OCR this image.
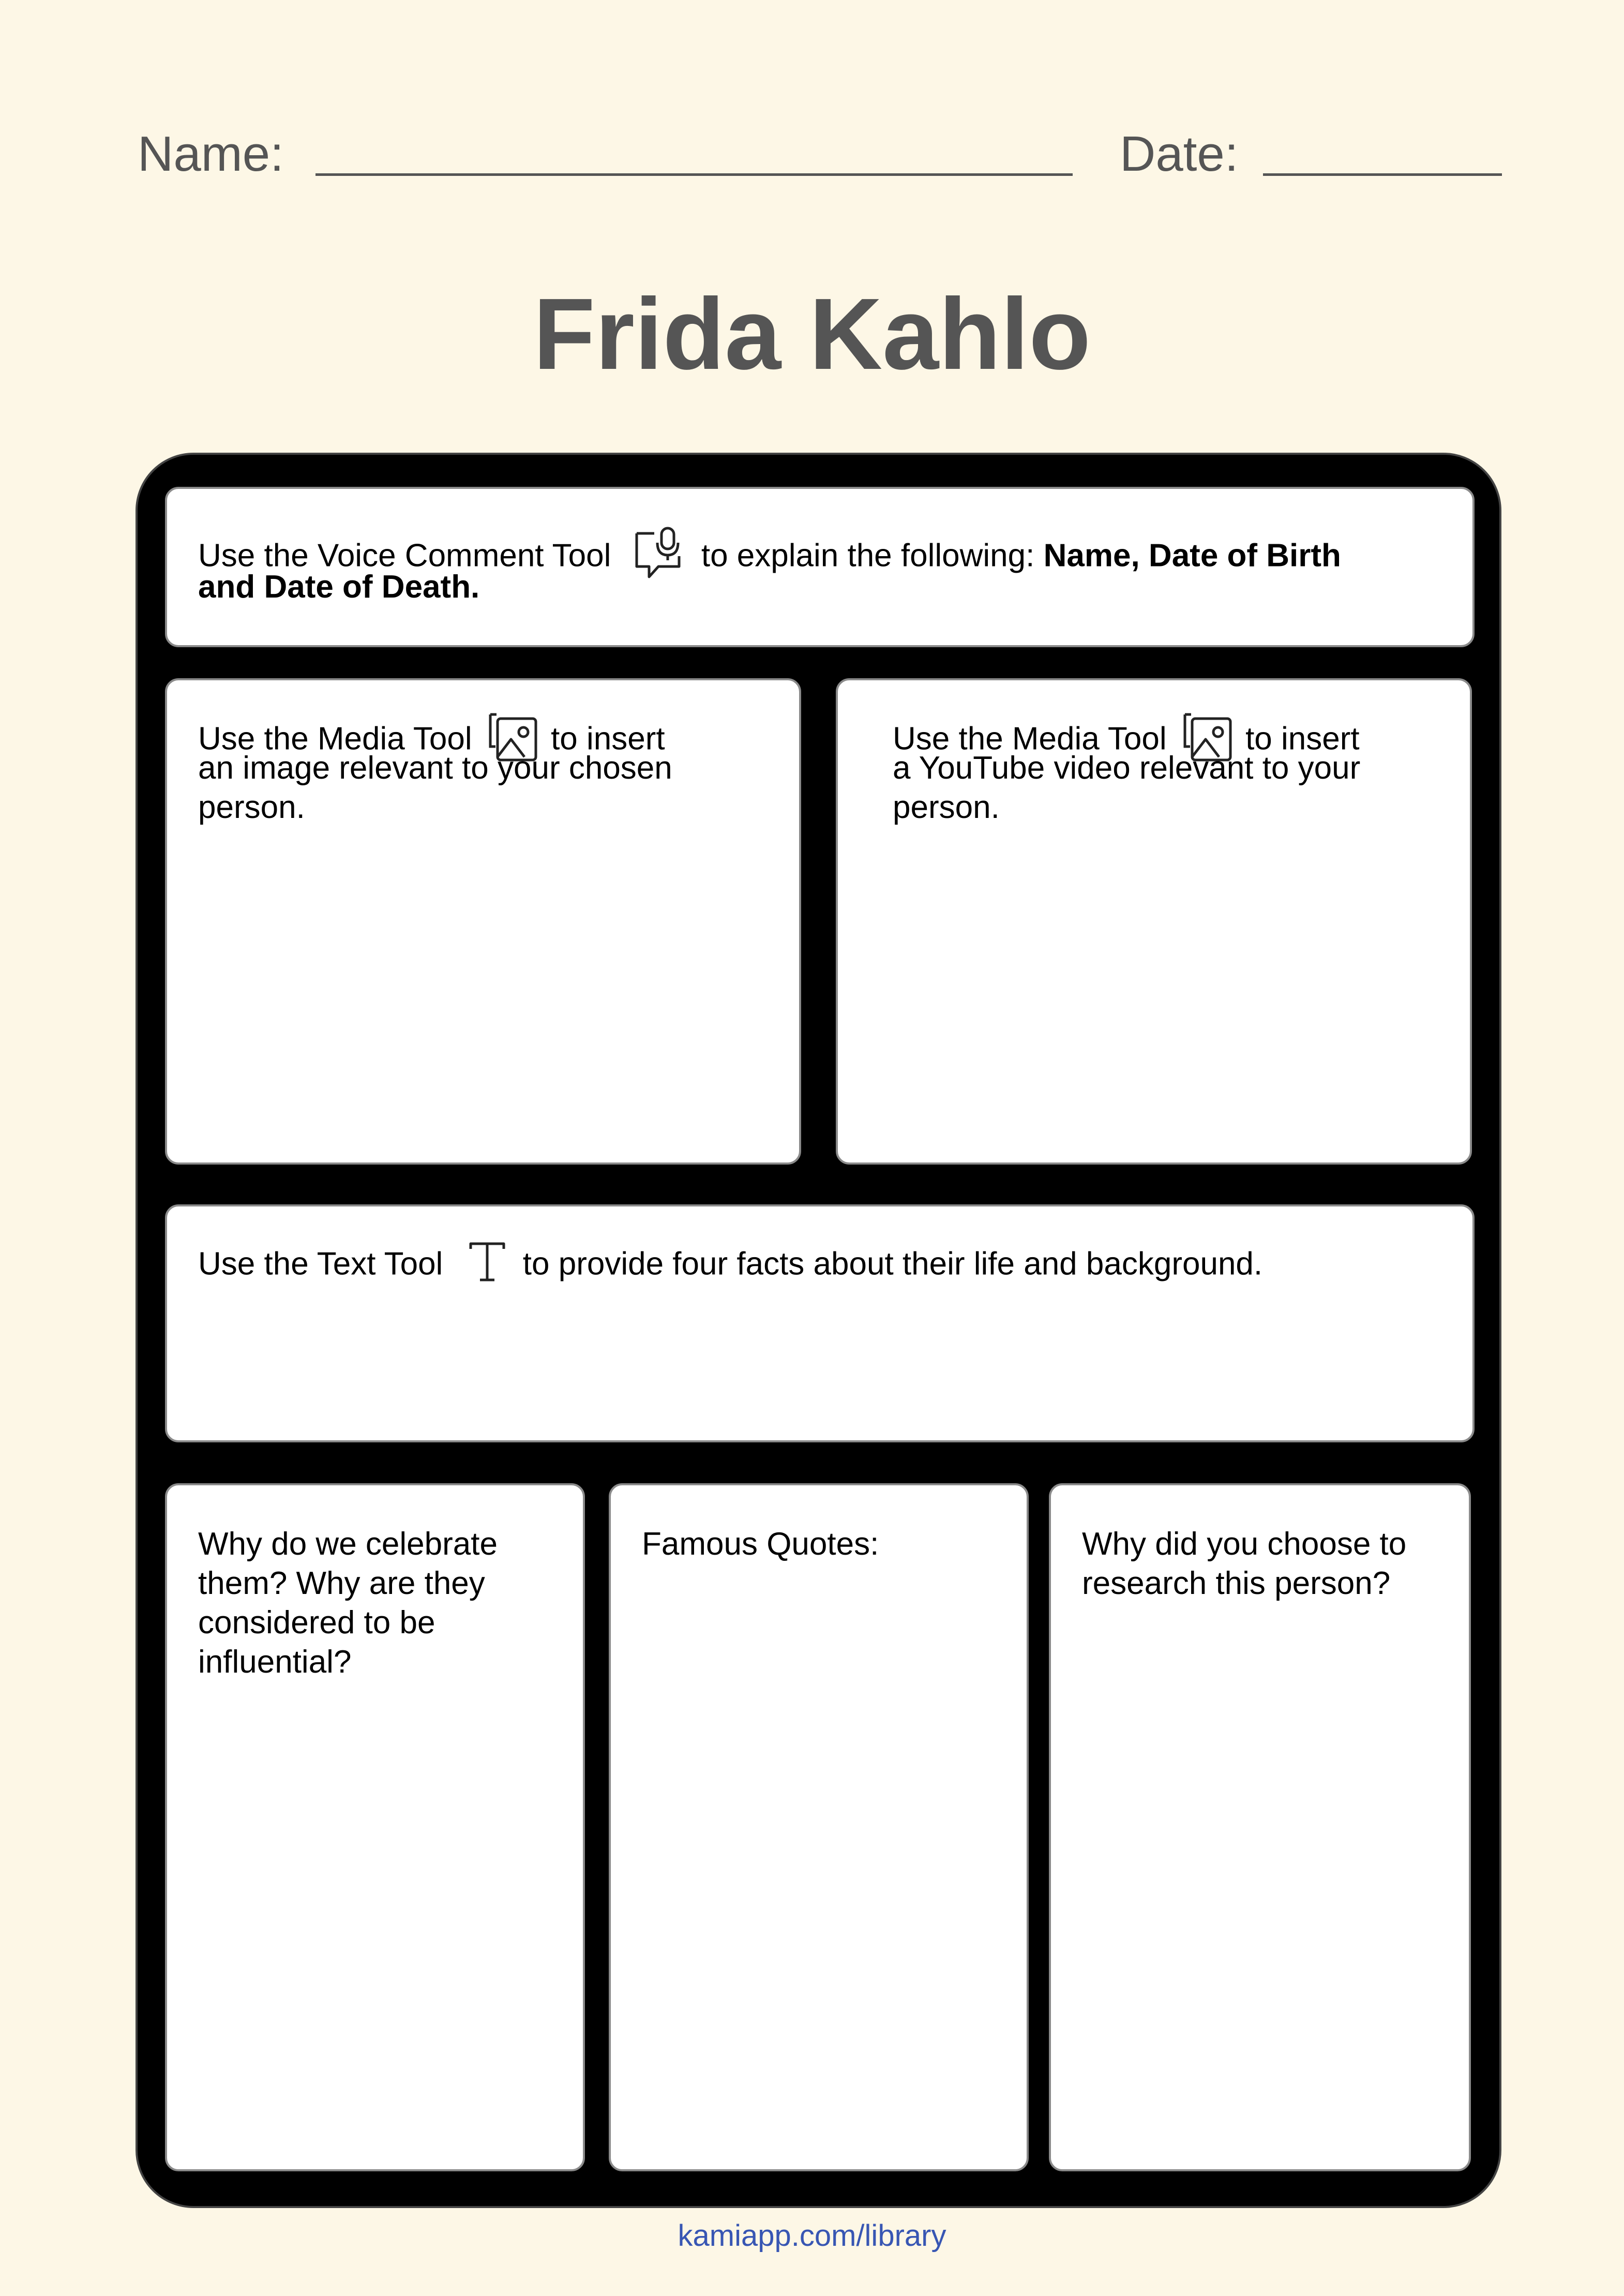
Name:	Date:
Frida Kahlo
Use the Voice Comment Tool	to explain the following: Name, Date of Birth
and Date of Death.
Use the Media Tool to insert
an image relevant to your chosen
person.
Use the Media Tool to insert
a YouTube video relevant to your
person.
Use the Text Tool to provide four facts about their life and background.
Why do we celebrate
them? Why are they
considered to be
influential?
Famous Quotes:	Why did you choose to
research this person?
kamiapp.com/library
